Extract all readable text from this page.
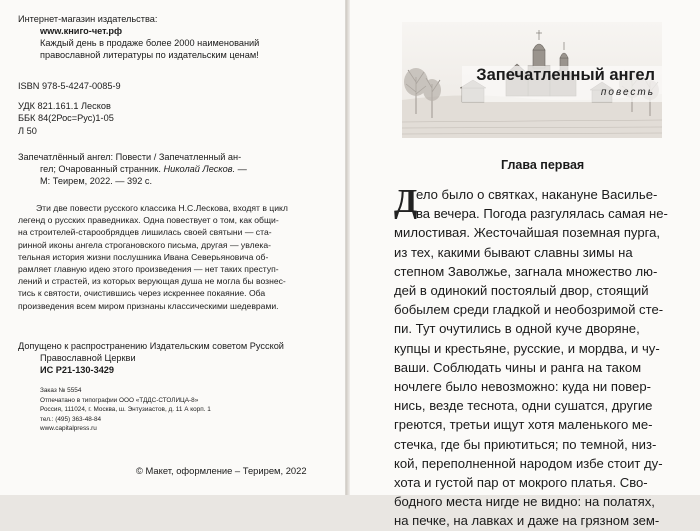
Интернет-магазин издательства:
www.книго-чет.рф
Каждый день в продаже более 2000 наименований
православной литературы по издательским ценам!
ISBN 978-5-4247-0085-9
УДК 821.161.1 Лесков
ББК 84(2Рос=Рус)1-05
Л 50
Запечатлённый ангел: Повести / Запечатленный ан-
гел; Очарованный странник. Николай Лесков. —
М: Теирем, 2022. — 392 с.
Эти две повести русского классика Н.С.Лескова, входят в цикл
легенд о русских праведниках. Одна повествует о том, как общи-
на строителей-старообрядцев лишилась своей святыни — ста-
ринной иконы ангела строгановского письма, другая — увлека-
тельная история жизни послушника Ивана Северьяновича об-
рамляет главную идею этого произведения — нет таких преступ-
лений и страстей, из которых верующая душа не могла бы вознес-
тись к святости, очистившись через искреннее покаяние. Оба
произведения всем миром признаны классическими шедеврами.
Допущено к распространению Издательским советом Русской
Православной Церкви
ИС Р21-130-3429
Заказ № 5554
Отпечатано в типографии ООО «ТДДС-СТОЛИЦА-8»
Россия, 111024, г. Москва, ш. Энтузиастов, д. 11 А корп. 1
тел.: (495) 363-48-84
www.capitalpress.ru
© Макет, оформление – Терирем, 2022
Запечатленный ангел
повесть
Глава первая
Д
ело было о святках, накануне Василье-
ва вечера. Погода разгулялась самая не-
милостивая. Жесточайшая поземная пурга,
из тех, какими бывают славны зимы на
степном Заволжье, загнала множество лю-
дей в одинокий постоялый двор, стоящий
бобылем среди гладкой и необозримой сте-
пи. Тут очутились в одной куче дворяне,
купцы и крестьяне, русские, и мордва, и чу-
ваши. Соблюдать чины и ранга на таком
ночлеге было невозможно: куда ни повер-
нись, везде теснота, одни сушатся, другие
греются, третьи ищут хотя маленького ме-
стечка, где бы приютиться; по темной, низ-
кой, переполненной народом избе стоит ду-
хота и густой пар от мокрого платья. Сво-
бодного места нигде не видно: на полатях,
на печке, на лавках и даже на грязном зем-
